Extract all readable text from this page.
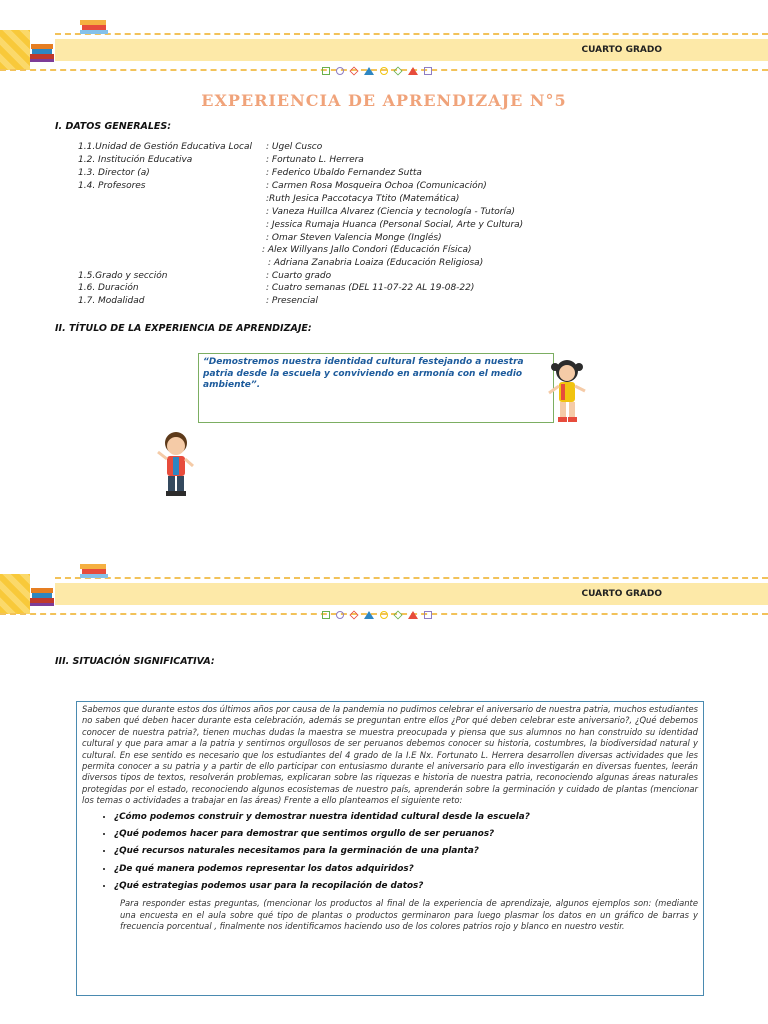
CUARTO GRADO
EXPERIENCIA DE APRENDIZAJE N°5
I. DATOS GENERALES:
1.1.Unidad de Gestión Educativa Local	: Ugel Cusco
1.2. Institución Educativa	: Fortunato L. Herrera
1.3. Director (a)	: Federico Ubaldo Fernandez Sutta
1.4. Profesores	: Carmen Rosa Mosqueira Ochoa (Comunicación)
:Ruth Jesica Paccotacya Ttito (Matemática)
: Vaneza Huillca Alvarez (Ciencia y tecnología - Tutoría)
: Jessica Rumaja Huanca (Personal Social, Arte y Cultura)
: Omar Steven Valencia Monge (Inglés)
: Alex Willyans Jallo Condori (Educación Física)
: Adriana Zanabria Loaiza (Educación Religiosa)
1.5.Grado y sección	: Cuarto grado
1.6. Duración	: Cuatro semanas (DEL 11-07-22 AL 19-08-22)
1.7. Modalidad	: Presencial
II. TÍTULO DE LA EXPERIENCIA DE APRENDIZAJE:
“Demostremos nuestra identidad cultural festejando a nuestra patria desde la escuela y conviviendo en armonía con el medio ambiente”.
CUARTO GRADO
III. SITUACIÓN SIGNIFICATIVA:

Sabemos que durante estos dos últimos años por causa de la pandemia no pudimos celebrar el aniversario de nuestra patria, muchos estudiantes no saben qué deben hacer durante esta celebración, además se preguntan entre ellos ¿Por qué deben celebrar este aniversario?, ¿Qué debemos conocer de nuestra patria?, tienen muchas dudas la maestra se muestra preocupada y piensa que sus alumnos no han construido su identidad cultural y que para amar a la patria y sentirnos orgullosos de ser peruanos debemos conocer su historia, costumbres, la biodiversidad natural y cultural. En ese sentido es necesario que los estudiantes del 4 grado de la I.E Nx. Fortunato L. Herrera desarrollen diversas actividades que les permita conocer a su patria y a partir de ello participar con entusiasmo durante el aniversario para ello investigarán en diversas fuentes, leerán diversos tipos de textos, resolverán problemas, explicaran sobre las riquezas e historia de nuestra patria, reconociendo algunas áreas naturales protegidas por el estado, reconociendo algunos ecosistemas de nuestro país, aprenderán sobre la germinación y cuidado de plantas (mencionar los temas o actividades a trabajar en las áreas) Frente a ello planteamos el siguiente reto:

• ¿Cómo podemos construir y demostrar nuestra identidad cultural desde la escuela?
• ¿Qué podemos hacer para demostrar que sentimos orgullo de ser peruanos?
• ¿Qué recursos naturales necesitamos para la germinación de una planta?
• ¿De qué manera podemos representar los datos adquiridos?
• ¿Qué estrategias podemos usar para la recopilación de datos?

Para responder estas preguntas, (mencionar los productos al final de la experiencia de aprendizaje, algunos ejemplos son: (mediante una encuesta en el aula sobre qué tipo de plantas o productos germinaron para luego plasmar los datos en un gráfico de barras y frecuencia porcentual , finalmente nos identificamos haciendo uso de los colores patrios rojo y blanco en nuestro vestir.
